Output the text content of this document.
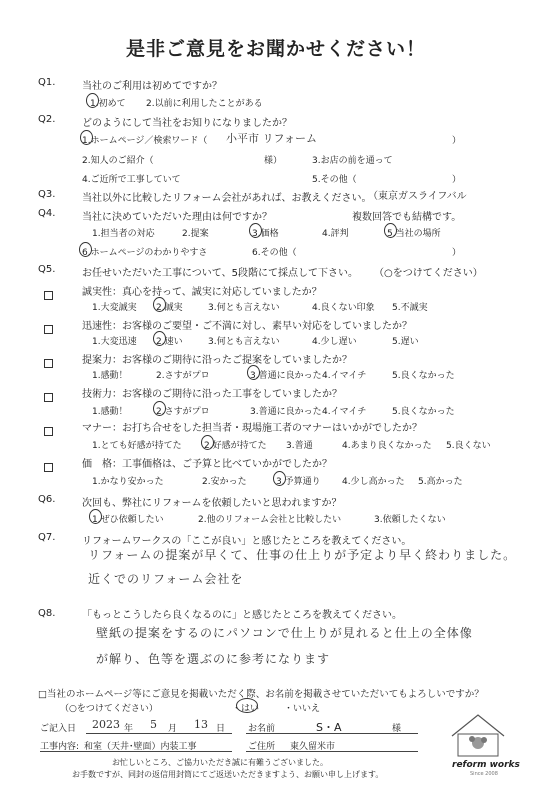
是非ご意見をお聞かせください！
Q1.	当社のご利用は初めてですか？
1.初めて 2.以前に利用したことがある
Q2.	どのようにして当社をお知りになりましたか？
1.ホームページ／検索ワード（ 小平市 リフォーム	）
2.知人のご紹介（	様）	3.お店の前を通って
4.ご近所で工事していて	5.その他（	）
Q3.	当社以外に比較したリフォーム会社があれば、お教えください。
（東京ガスライフバル
Q4.	当社に決めていただいた理由は何ですか？	複数回答でも結構です。
1.担当者の対応	2.提案	3.価格	4.評判	5.当社の場所
6.ホームページのわかりやすさ	6.その他（	）
Q5.	お任せいただいた工事について、5段階にて採点して下さい。 （○をつけてください）
誠実性：真心を持って、誠実に対応していましたか？
1.大変誠実 2.誠実	3.何とも言えない	4.良くない印象 5.不誠実
迅速性：お客様のご要望・ご不満に対し、素早い対応をしていましたか？
1.大変迅速 2.速い	3.何とも言えない	4.少し遅い	5.遅い
提案力：お客様のご期待に沿ったご提案をしていましたか？
1.感動！	2.さすがプロ	3.普通に良かった 4.イマイチ	5.良くなかった
技術力：お客様のご期待に沿った工事をしていましたか？
1.感動！	2.さすがプロ	3.普通に良かった 4.イマイチ	5.良くなかった
マナー：お打ち合せをした担当者・現場施工者のマナーはいかがでしたか？
1.とても好感が持てた 2.好感が持てた 3.普通	4.あまり良くなかった 5.良くない
価　格：工事価格は、ご予算と比べていかがでしたか？
1.かなり安かった	2.安かった	3.予算通り 4.少し高かった 5.高かった
Q6.	次回も、弊社にリフォームを依頼したいと思われますか？
1.ぜひ依頼したい	2.他のリフォーム会社と比較したい	3.依頼したくない
Q7.	リフォームワークスの「ここが良い」と感じたところを教えてください。
リフォームの提案が早くて、仕事の仕上りが予定より早く終わりました。
近くでのリフォーム会社を
Q8.	「もっとこうしたら良くなるのに」と感じたところを教えてください。
壁紙の提案をするのにパソコンで仕上りが見れると仕上の全体像
が解り、色等を選ぶのに参考になります
□当社のホームページ等にご意見を掲載いただく際、お名前を掲載させていただいてもよろしいですか？
（○をつけてください）	・はい	・いいえ
ご記入日 2023 年 5 月 13 日	お名前	S・A	様
工事内容: 和室（天井･壁面）内装工事	ご住所 東久留米市
お忙しいところ、ご協力いただき誠に有難うございました。
お手数ですが、同封の返信用封筒にてご返送いただきますよう、お願い申し上げます。
reform works
Since 2008
